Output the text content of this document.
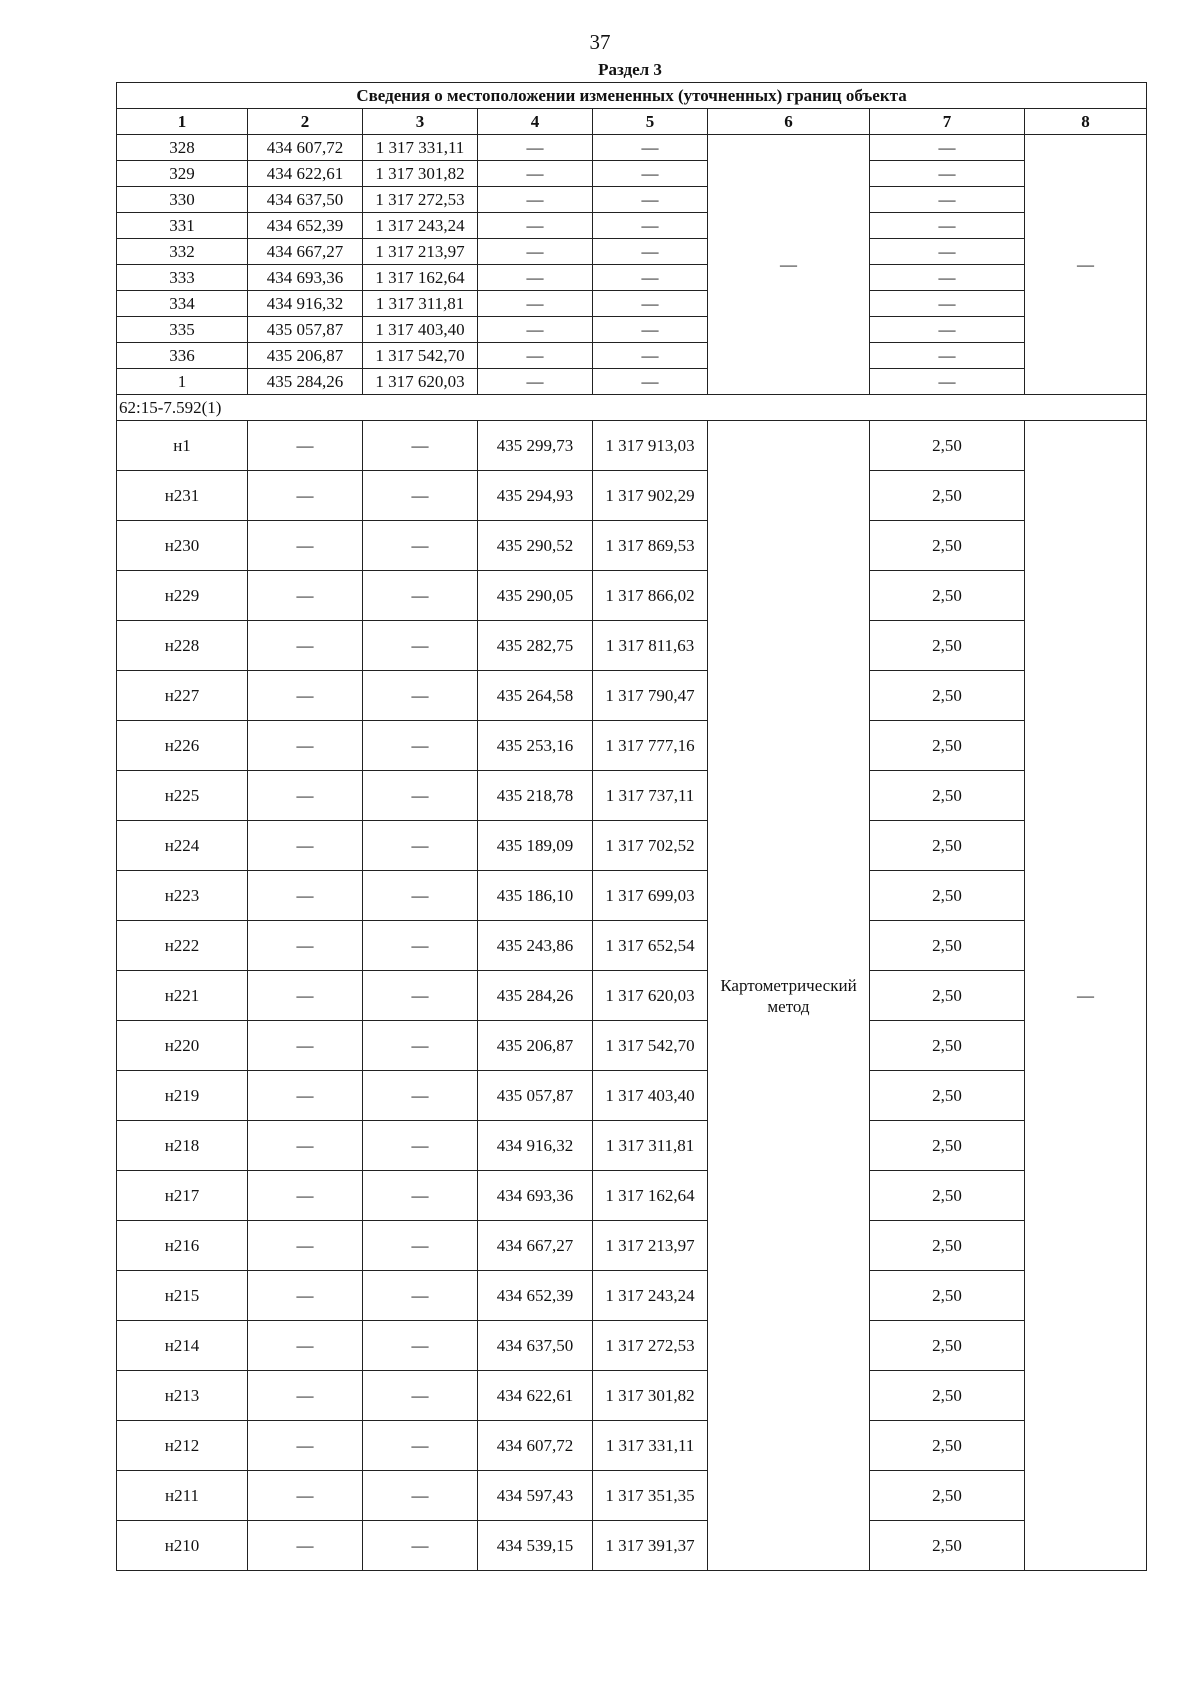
37
Раздел 3
Сведения о местоположении измененных (уточненных) границ объекта							
1	2	3	4	5	6	7	8
328	434 607,72	1 317 331,11	—	—	—	—	—
329	434 622,61	1 317 301,82	—	—		—	
330	434 637,50	1 317 272,53	—	—		—	
331	434 652,39	1 317 243,24	—	—		—	
332	434 667,27	1 317 213,97	—	—		—	
333	434 693,36	1 317 162,64	—	—		—	
334	434 916,32	1 317 311,81	—	—		—	
335	435 057,87	1 317 403,40	—	—		—	
336	435 206,87	1 317 542,70	—	—		—	
1	435 284,26	1 317 620,03	—	—		—	
62:15-7.592(1)							
н1	—	—	435 299,73	1 317 913,03	Картометрический метод	2,50	—
н231	—	—	435 294,93	1 317 902,29		2,50	
н230	—	—	435 290,52	1 317 869,53		2,50	
н229	—	—	435 290,05	1 317 866,02		2,50	
н228	—	—	435 282,75	1 317 811,63		2,50	
н227	—	—	435 264,58	1 317 790,47		2,50	
н226	—	—	435 253,16	1 317 777,16		2,50	
н225	—	—	435 218,78	1 317 737,11		2,50	
н224	—	—	435 189,09	1 317 702,52		2,50	
н223	—	—	435 186,10	1 317 699,03		2,50	
н222	—	—	435 243,86	1 317 652,54		2,50	
н221	—	—	435 284,26	1 317 620,03		2,50	
н220	—	—	435 206,87	1 317 542,70		2,50	
н219	—	—	435 057,87	1 317 403,40		2,50	
н218	—	—	434 916,32	1 317 311,81		2,50	
н217	—	—	434 693,36	1 317 162,64		2,50	
н216	—	—	434 667,27	1 317 213,97		2,50	
н215	—	—	434 652,39	1 317 243,24		2,50	
н214	—	—	434 637,50	1 317 272,53		2,50	
н213	—	—	434 622,61	1 317 301,82		2,50	
н212	—	—	434 607,72	1 317 331,11		2,50	
н211	—	—	434 597,43	1 317 351,35		2,50	
н210	—	—	434 539,15	1 317 391,37		2,50	
